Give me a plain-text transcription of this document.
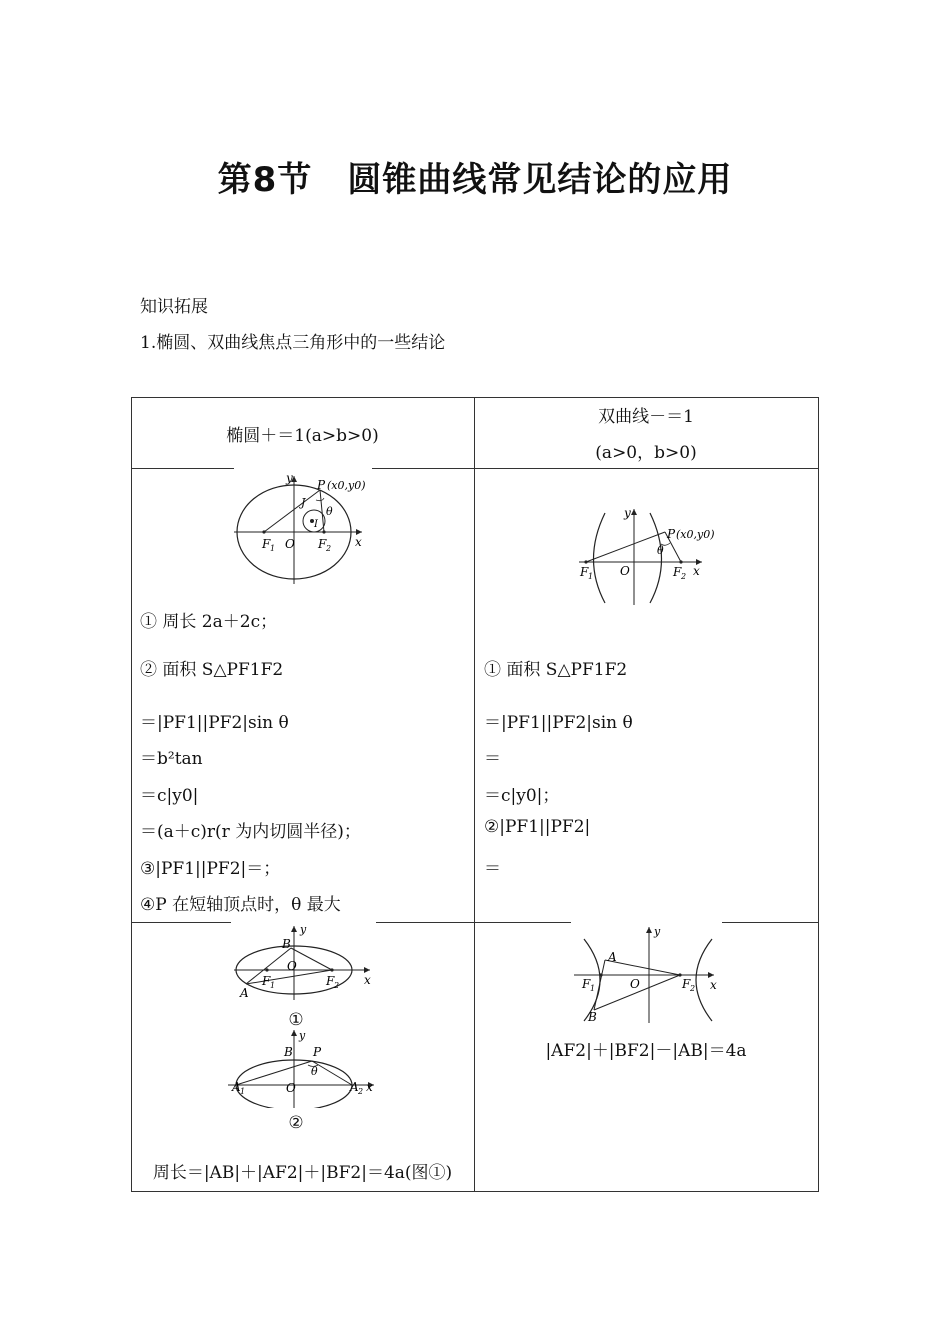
第8节　圆锥曲线常见结论的应用
知识拓展
1.椭圆、双曲线焦点三角形中的一些结论
椭圆＋＝1(a>b>0)
双曲线－＝1
(a>0，b>0)
x
y
O
F 1	F 2
P (x0,y0)
J
I
θ
x
y
O
F 1	F 2
P (x0,y0)
θ
① 周长 2a＋2c；
② 面积 S△PF1F2
＝|PF1||PF2|sin θ
＝b²tan
＝c|y0|
＝(a＋c)r(r 为内切圆半径)；
③|PF1||PF2|＝；
④P 在短轴顶点时，θ 最大
① 面积 S△PF1F2
＝|PF1||PF2|sin θ
＝
＝c|y0|；
②|PF1||PF2|
＝
x
y
O
B
A
F 1	F 2
①
x
y
O
B P
θ
A 1	A 2
②
周长＝|AB|＋|AF2|＋|BF2|＝4a(图①)
x
y
O
A
B
F 1	F 2
|AF2|＋|BF2|－|AB|＝4a
